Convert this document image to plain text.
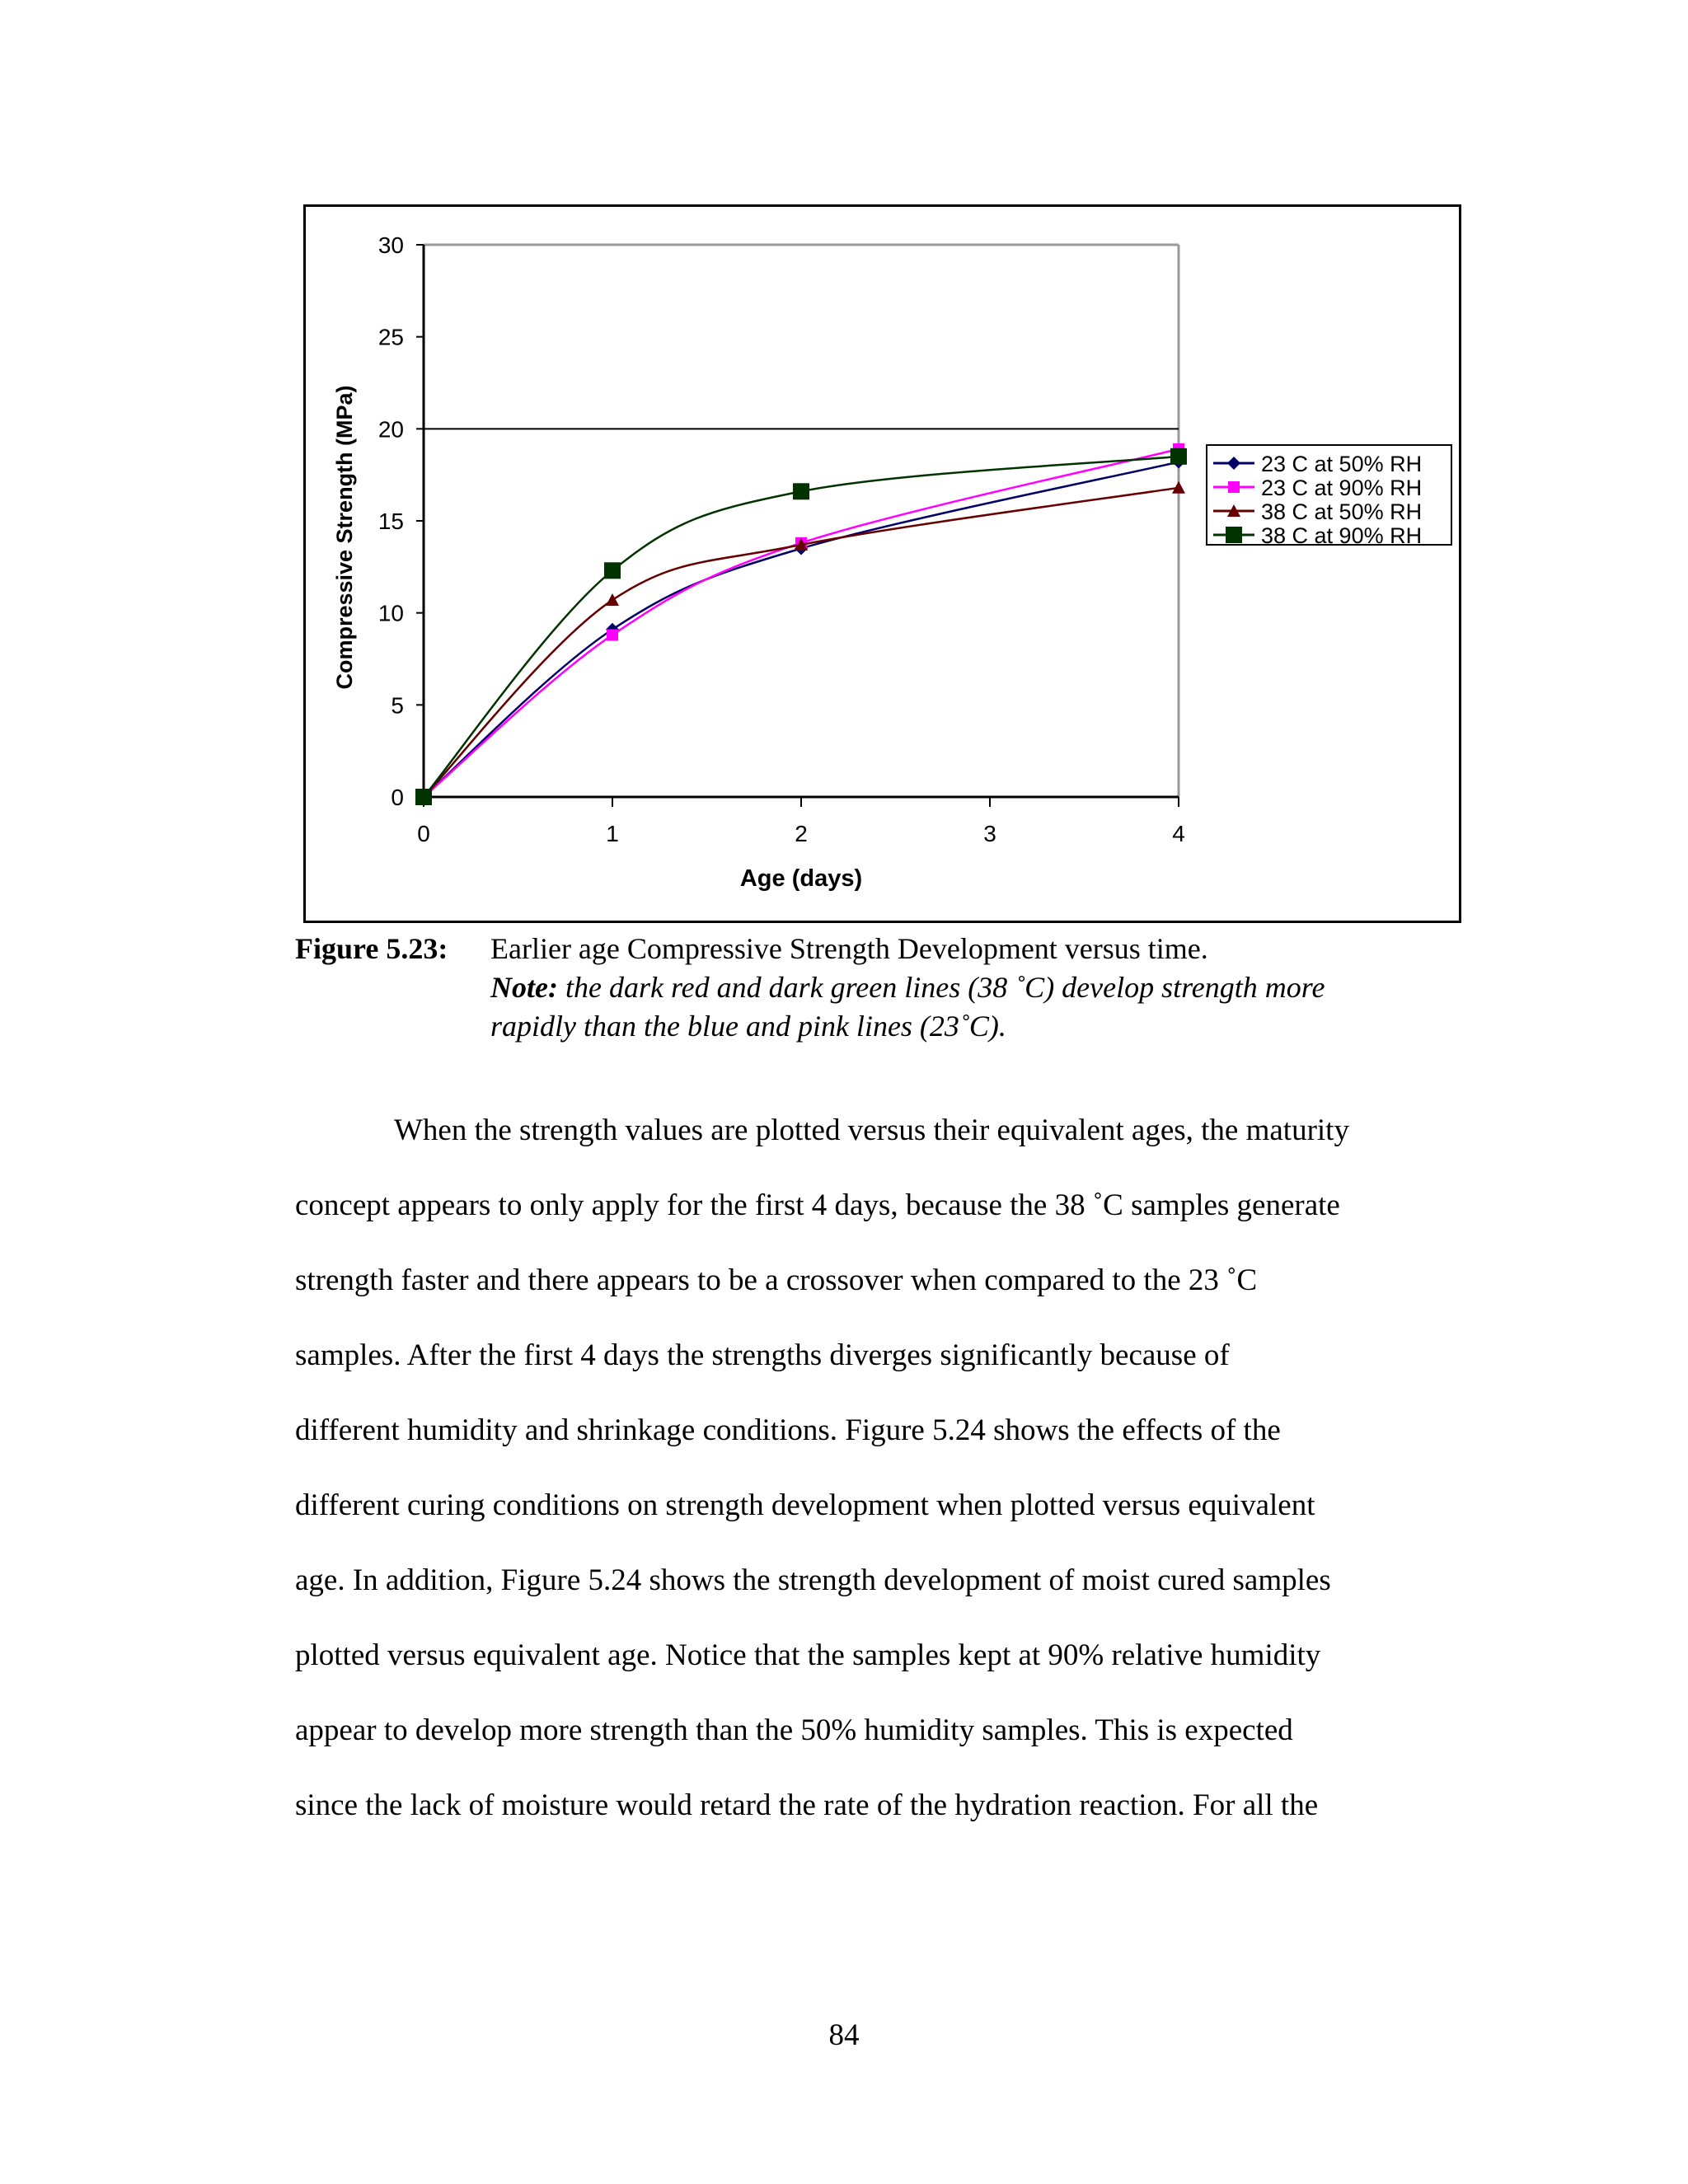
0
5
10
15
20
25
30
0	1	2	3	4
Age (days)
Compressive Strength (MPa)	23 C at 50% RH
23 C at 90% RH
38 C at 50% RH
38 C at 90% RH
Figure 5.23: Earlier age Compressive Strength Development versus time.
Note: the dark red and dark green lines (38 ˚C) develop strength more
rapidly than the blue and pink lines (23˚C).
When the strength values are plotted versus their equivalent ages, the maturity
concept appears to only apply for the first 4 days, because the 38 ˚C samples generate
strength faster and there appears to be a crossover when compared to the 23 ˚C
samples. After the first 4 days the strengths diverges significantly because of
different humidity and shrinkage conditions. Figure 5.24 shows the effects of the
different curing conditions on strength development when plotted versus equivalent
age. In addition, Figure 5.24 shows the strength development of moist cured samples
plotted versus equivalent age. Notice that the samples kept at 90% relative humidity
appear to develop more strength than the 50% humidity samples. This is expected
since the lack of moisture would retard the rate of the hydration reaction. For all the
84
